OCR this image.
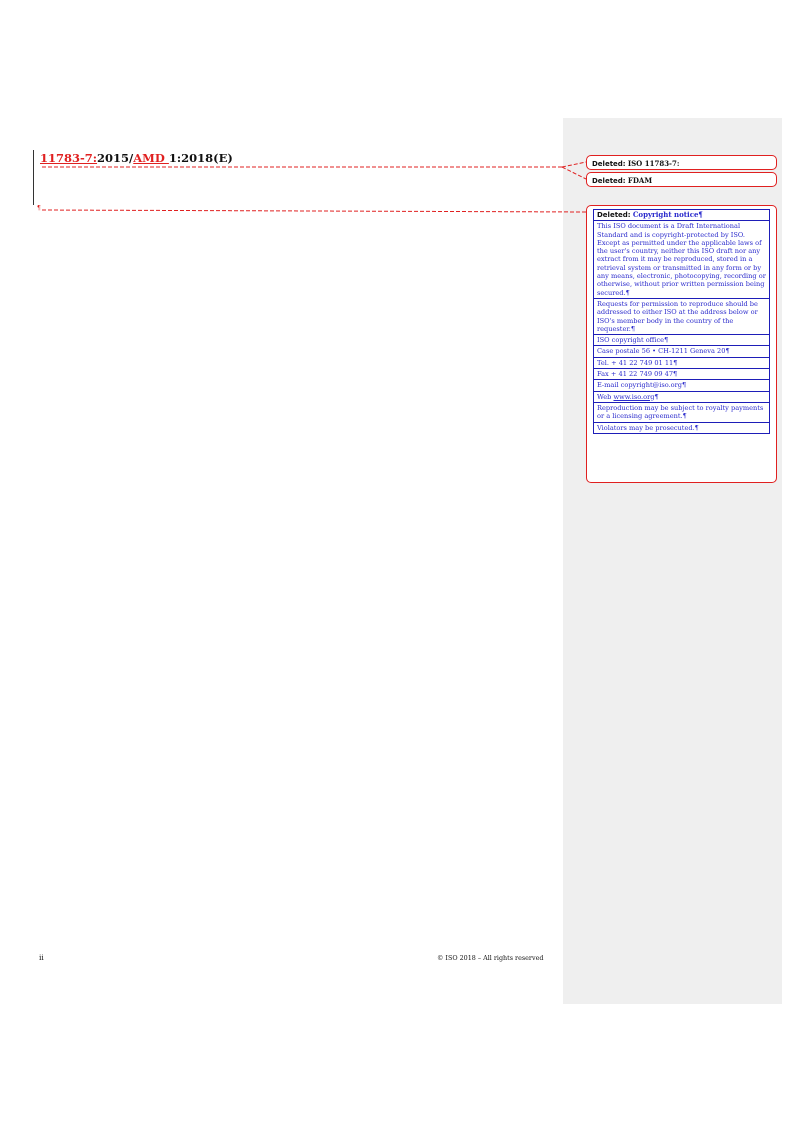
11783-7:2015/AMD 1:2018(E)
¶
Deleted: ISO 11783-7:
Deleted: FDAM
Deleted: Copyright notice¶
This ISO document is a Draft International Standard and is copyright-protected by ISO. Except as permitted under the applicable laws of the user's country, neither this ISO draft nor any extract from it may be reproduced, stored in a retrieval system or transmitted in any form or by any means, electronic, photocopying, recording or otherwise, without prior written permission being secured.¶
Requests for permission to reproduce should be addressed to either ISO at the address below or ISO's member body in the country of the requester.¶
ISO copyright office¶
Case postale 56 • CH-1211 Geneva 20¶
Tel. + 41 22 749 01 11¶
Fax + 41 22 749 09 47¶
E-mail copyright@iso.org¶
Web www.iso.org¶
Reproduction may be subject to royalty payments or a licensing agreement.¶
Violators may be prosecuted.¶
ii	© ISO 2018 – All rights reserved
